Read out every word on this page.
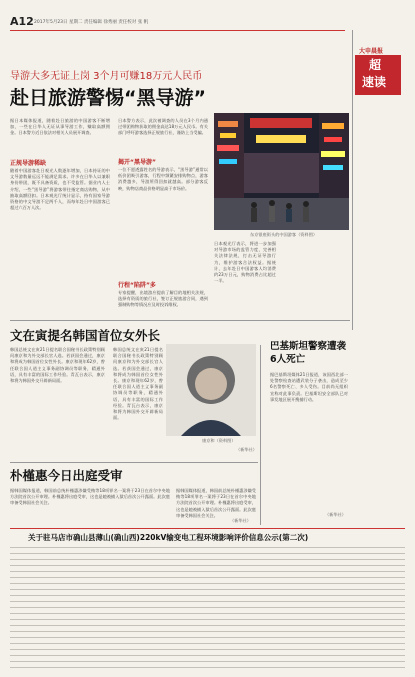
A12 2017年5月23日 星期二 责任编辑 徐秀丽 责任校对 张 帆
大申晨报
超
速读
导游大多无证上岗 3个月可赚18万元人民币
赴日旅游警惕“黑导游”
据日本媒体报道，随着赴日旅游的中国游客不断增加，一些在日华人无证从事导游工作，赚取高额佣金。日本警方近日依法对相关人员展开调查。
正规导游稀缺
随着中国游客赴日观光人数逐年增加，日本持证的中文导游数量远远不能满足需求。许多在日华人以兼职身份带团，既不具备资质，也不受监管。据业内人士介绍，一些“黑导游”将游客带往指定商店购物，从中抽取高额回扣。日本观光厅统计显示，持有国家导游资格的中文导游不足两千人，而每年赴日中国游客已超过六百万人次。
日本警方表示，此次被调查的人员在3个月内通过带团购物获取的佣金高达18万元人民币。有关部门呼吁游客选择正规旅行社，谨防上当受骗。
揭开“黑导游”
一位不愿透露姓名的导游表示，“黑导游”通常以低价团吸引游客，行程中频繁安排购物点，游客消费越多，导游所得回扣就越高。部分游客反映，购物店商品价格明显高于市场价。
行程“陷阱”多
专家提醒，出境游应提前了解目的地相关法规，选择有资质的旅行社，签订正规旅游合同，遇到强制购物等情况应及时投诉维权。
东京银座街头的中国游客（资料图）
日本观光厅表示，将进一步加强对导游市场的监管力度，完善相关法律法规，打击无证导游行为，维护游客合法权益。据统计，去年赴日中国游客人均消费约23万日元，购物消费占比超过一半。
文在寅提名韩国首位女外长
韩国总统文在寅21日提名联合国秘书长政策特别顾问康京和为外交部长官人选。若获国会通过，康京和将成为韩国首位女性外长。康京和现年62岁，曾任联合国人道主义事务副协调员等职务，精通外语，具有丰富的国际工作经验。青瓦台表示，康京和将为韩国外交开辟新局面。
韩国总统文在寅21日提名联合国秘书长政策特别顾问康京和为外交部长官人选。若获国会通过，康京和将成为韩国首位女性外长。康京和现年62岁，曾任联合国人道主义事务副协调员等职务，精通外语，具有丰富的国际工作经验。青瓦台表示，康京和将为韩国外交开辟新局面。
康京和（资料图）
（新华社）
巴基斯坦警察遭袭6人死亡
据巴基斯坦媒体21日报道，该国西北部一处警察检查站遭武装分子袭击，造成至少6名警察死亡、多人受伤。目前尚无组织宣称对此事负责。巴基斯坦安全部队已对事发地区展开搜捕行动。
（新华社）
朴槿惠今日出庭受审
据韩国媒体报道，韩国前总统朴槿惠涉嫌受贿等18项罪名一案将于23日在首尔中央地方法院首次公开审理。朴槿惠将出庭受审，这也是她被捕入狱后首次公开露面。此次庭审备受韩国社会关注。
据韩国媒体报道，韩国前总统朴槿惠涉嫌受贿等18项罪名一案将于23日在首尔中央地方法院首次公开审理。朴槿惠将出庭受审，这也是她被捕入狱后首次公开露面。此次庭审备受韩国社会关注。
（新华社）
关于驻马店市确山县薄山(确山西)220kV输变电工程环境影响评价信息公示(第二次)
